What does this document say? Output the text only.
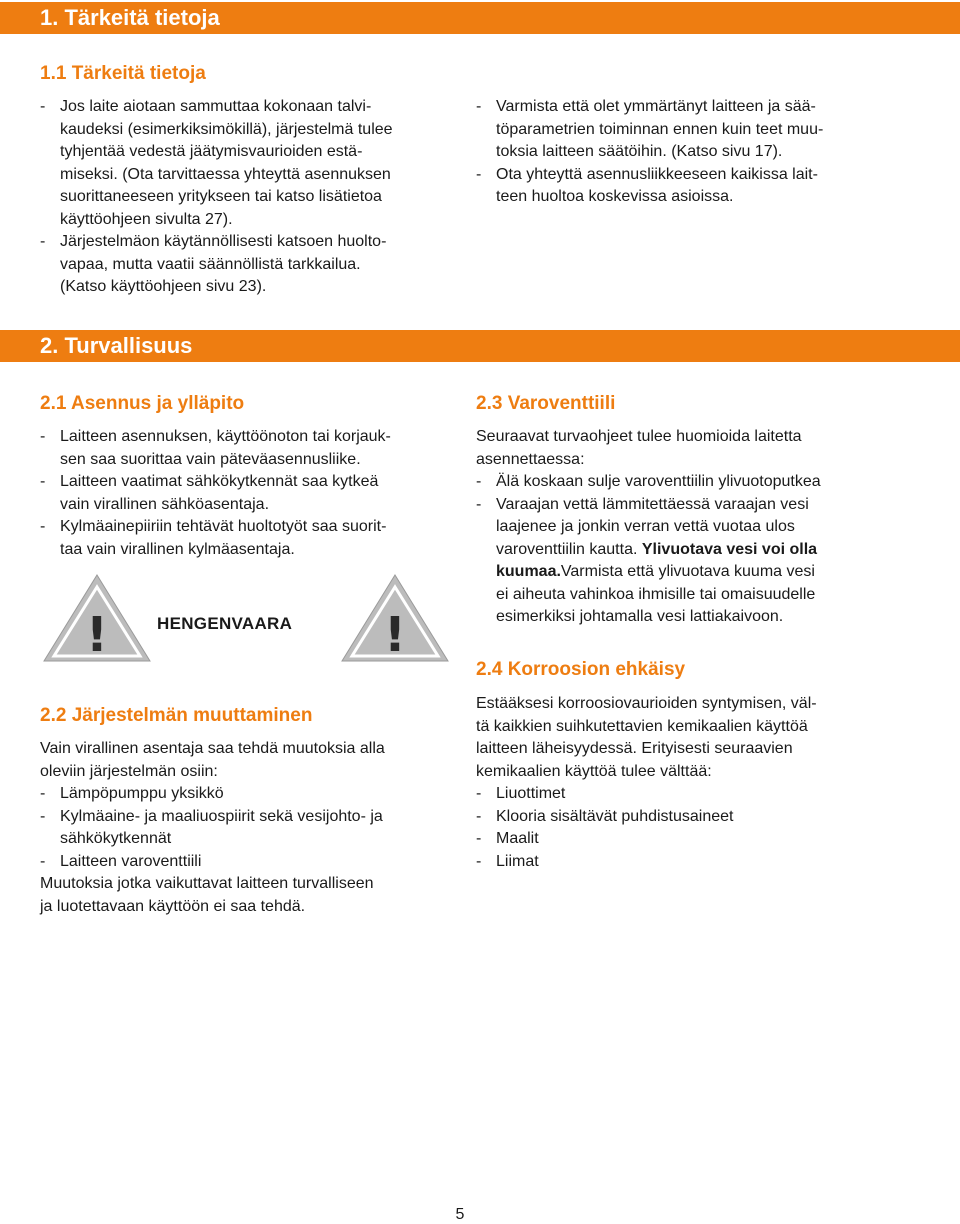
1. Tärkeitä tietoja
1.1 Tärkeitä tietoja
- Jos laite aiotaan sammuttaa kokonaan talvi-
kaudeksi (esimerkiksimökillä), järjestelmä tulee
tyhjentää vedestä jäätymisvaurioiden estä-
miseksi. (Ota tarvittaessa yhteyttä asennuksen
suorittaneeseen yritykseen tai katso lisätietoa
käyttöohjeen sivulta 27).
- Järjestelmäon käytännöllisesti katsoen huolto-
vapaa, mutta vaatii säännöllistä tarkkailua.
(Katso käyttöohjeen sivu 23).
- Varmista että olet ymmärtänyt laitteen ja sää-
töparametrien toiminnan ennen kuin teet muu-
toksia laitteen säätöihin. (Katso sivu 17).
- Ota yhteyttä asennusliikkeeseen kaikissa lait-
teen huoltoa koskevissa asioissa.
2. Turvallisuus
2.1 Asennus ja ylläpito
- Laitteen asennuksen, käyttöönoton tai korjauk-
sen saa suorittaa vain päteväasennusliike.
- Laitteen vaatimat sähkökytkennät saa kytkeä
vain virallinen sähköasentaja.
- Kylmäainepiiriin tehtävät huoltotyöt saa suorit-
taa vain virallinen kylmäasentaja.
!	HENGENVAARA !
2.2 Järjestelmän muuttaminen
Vain virallinen asentaja saa tehdä muutoksia alla
oleviin järjestelmän osiin:
- Lämpöpumppu yksikkö
- Kylmäaine- ja maaliuospiirit sekä vesijohto- ja
sähkökytkennät
- Laitteen varoventtiili
Muutoksia jotka vaikuttavat laitteen turvalliseen
ja luotettavaan käyttöön ei saa tehdä.
2.3 Varoventtiili
Seuraavat turvaohjeet tulee huomioida laitetta
asennettaessa:
- Älä koskaan sulje varoventtiilin ylivuotoputkea
- Varaajan vettä lämmitettäessä varaajan vesi
laajenee ja jonkin verran vettä vuotaa ulos
varoventtiilin kautta. Ylivuotava vesi voi olla
kuumaa.Varmista että ylivuotava kuuma vesi
ei aiheuta vahinkoa ihmisille tai omaisuudelle
esimerkiksi johtamalla vesi lattiakaivoon.
2.4 Korroosion ehkäisy
Estääksesi korroosiovaurioiden syntymisen, väl-
tä kaikkien suihkutettavien kemikaalien käyttöä
laitteen läheisyydessä. Erityisesti seuraavien
kemikaalien käyttöä tulee välttää:
- Liuottimet
- Klooria sisältävät puhdistusaineet
- Maalit
- Liimat
5
